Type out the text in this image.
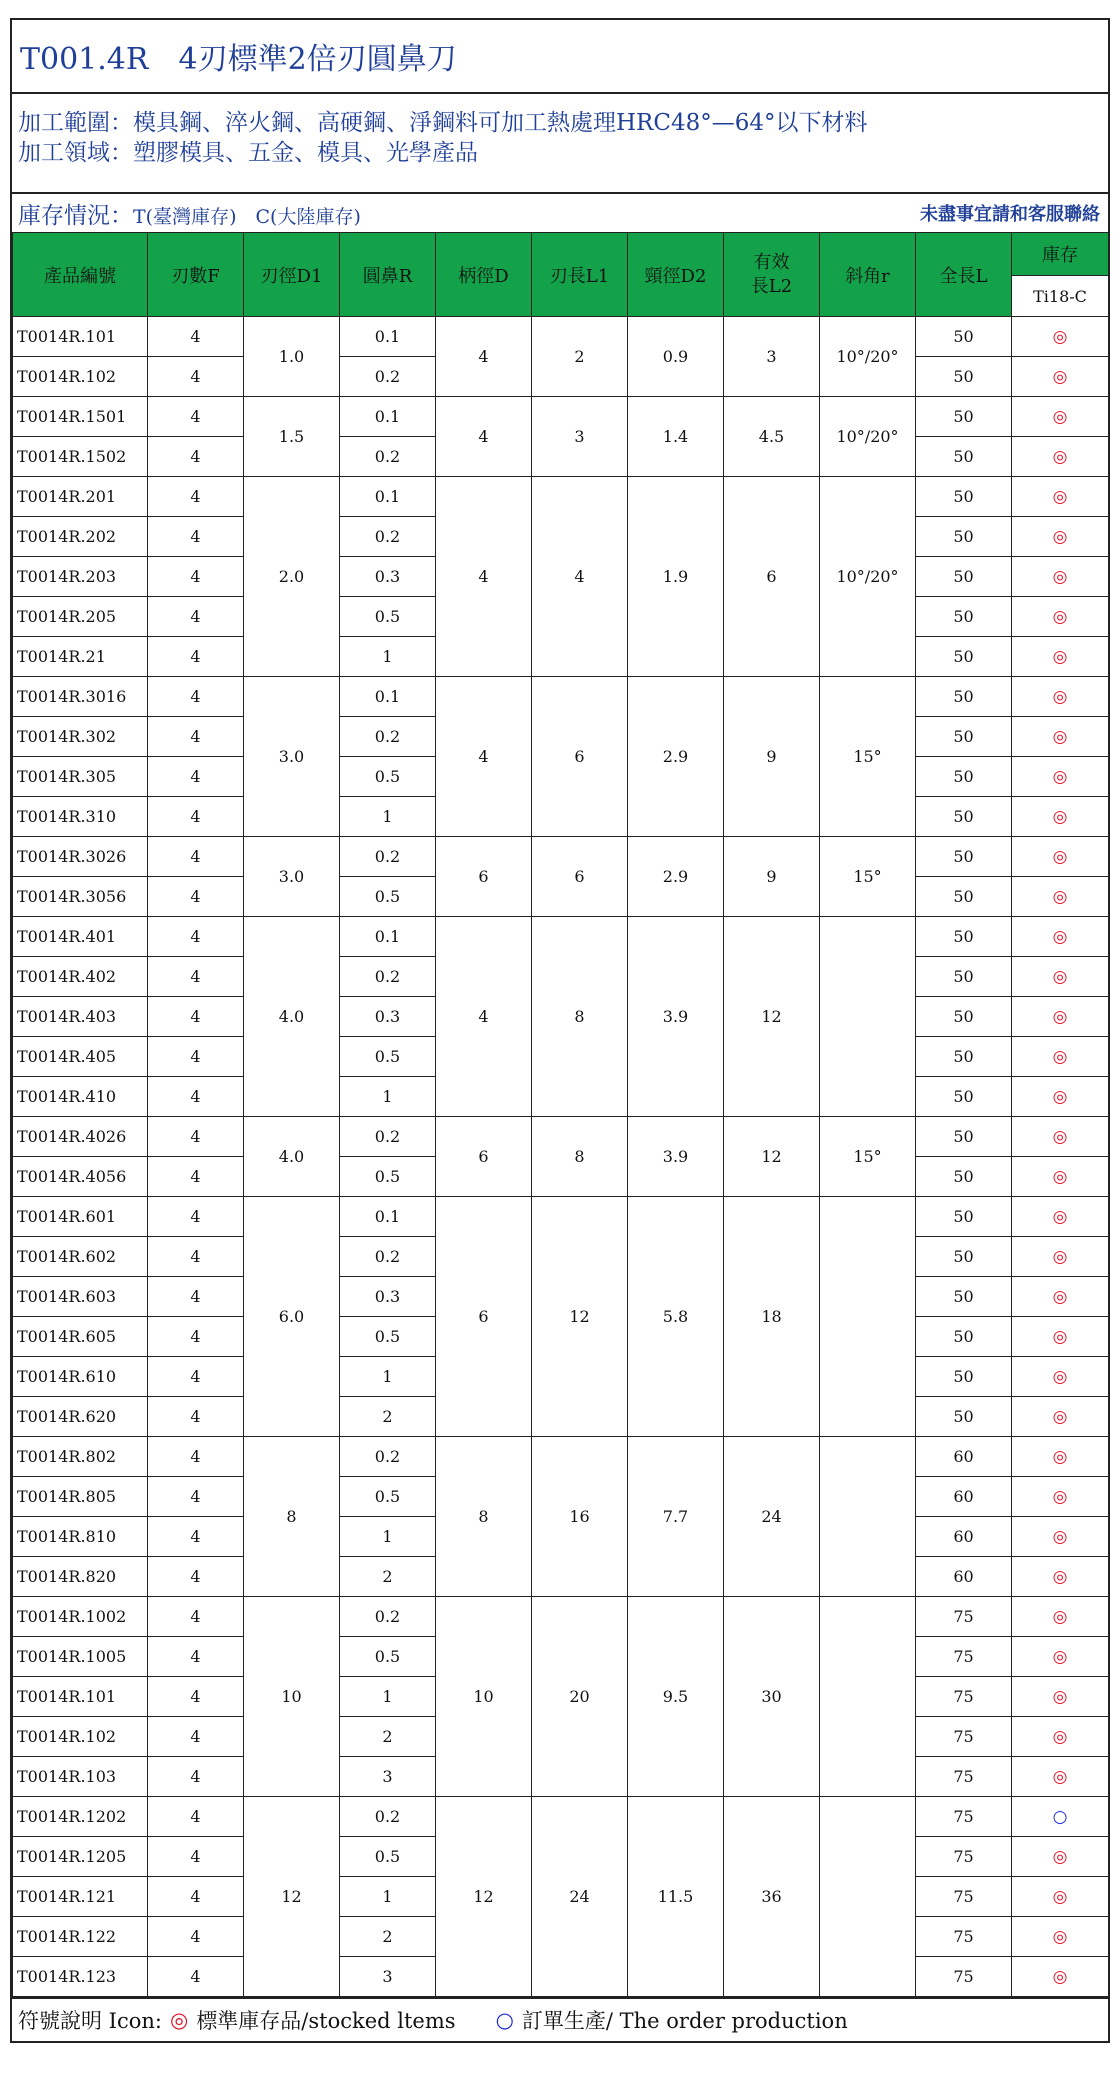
T001.4R　4刃標準2倍刃圓鼻刀
加工範圍：模具鋼、淬火鋼、高硬鋼、淨鋼料可加工熱處理HRC48°—64°以下材料
加工領域：塑膠模具、五金、模具、光學產品
庫存情況：T(臺灣庫存)　C(大陸庫存)	未盡事宜請和客服聯絡
產品編號	刃數F	刃徑D1	圓鼻R	柄徑D	刃長L1	頸徑D2	有效長L2	斜角r	全長L	庫存
										Ti18-C
T0014R.101	4	1.0	0.1	4	2	0.9	3	10°/20°	50	◎
T0014R.102	4		0.2						50	◎
T0014R.1501	4	1.5	0.1	4	3	1.4	4.5	10°/20°	50	◎
T0014R.1502	4		0.2						50	◎
T0014R.201	4	2.0	0.1	4	4	1.9	6	10°/20°	50	◎
T0014R.202	4		0.2						50	◎
T0014R.203	4		0.3						50	◎
T0014R.205	4		0.5						50	◎
T0014R.21	4		1						50	◎
T0014R.3016	4	3.0	0.1	4	6	2.9	9	15°	50	◎
T0014R.302	4		0.2						50	◎
T0014R.305	4		0.5						50	◎
T0014R.310	4		1						50	◎
T0014R.3026	4	3.0	0.2	6	6	2.9	9	15°	50	◎
T0014R.3056	4		0.5						50	◎
T0014R.401	4	4.0	0.1	4	8	3.9	12		50	◎
T0014R.402	4		0.2						50	◎
T0014R.403	4		0.3						50	◎
T0014R.405	4		0.5						50	◎
T0014R.410	4		1						50	◎
T0014R.4026	4	4.0	0.2	6	8	3.9	12	15°	50	◎
T0014R.4056	4		0.5						50	◎
T0014R.601	4	6.0	0.1	6	12	5.8	18		50	◎
T0014R.602	4		0.2						50	◎
T0014R.603	4		0.3						50	◎
T0014R.605	4		0.5						50	◎
T0014R.610	4		1						50	◎
T0014R.620	4		2						50	◎
T0014R.802	4	8	0.2	8	16	7.7	24		60	◎
T0014R.805	4		0.5						60	◎
T0014R.810	4		1						60	◎
T0014R.820	4		2						60	◎
T0014R.1002	4	10	0.2	10	20	9.5	30		75	◎
T0014R.1005	4		0.5						75	◎
T0014R.101	4		1						75	◎
T0014R.102	4		2						75	◎
T0014R.103	4		3						75	◎
T0014R.1202	4	12	0.2	12	24	11.5	36		75	○
T0014R.1205	4		0.5						75	◎
T0014R.121	4		1						75	◎
T0014R.122	4		2						75	◎
T0014R.123	4		3						75	◎
符號說明 Icon: ◎ 標準庫存品/stocked ltems ○ 訂單生產/ The order production
